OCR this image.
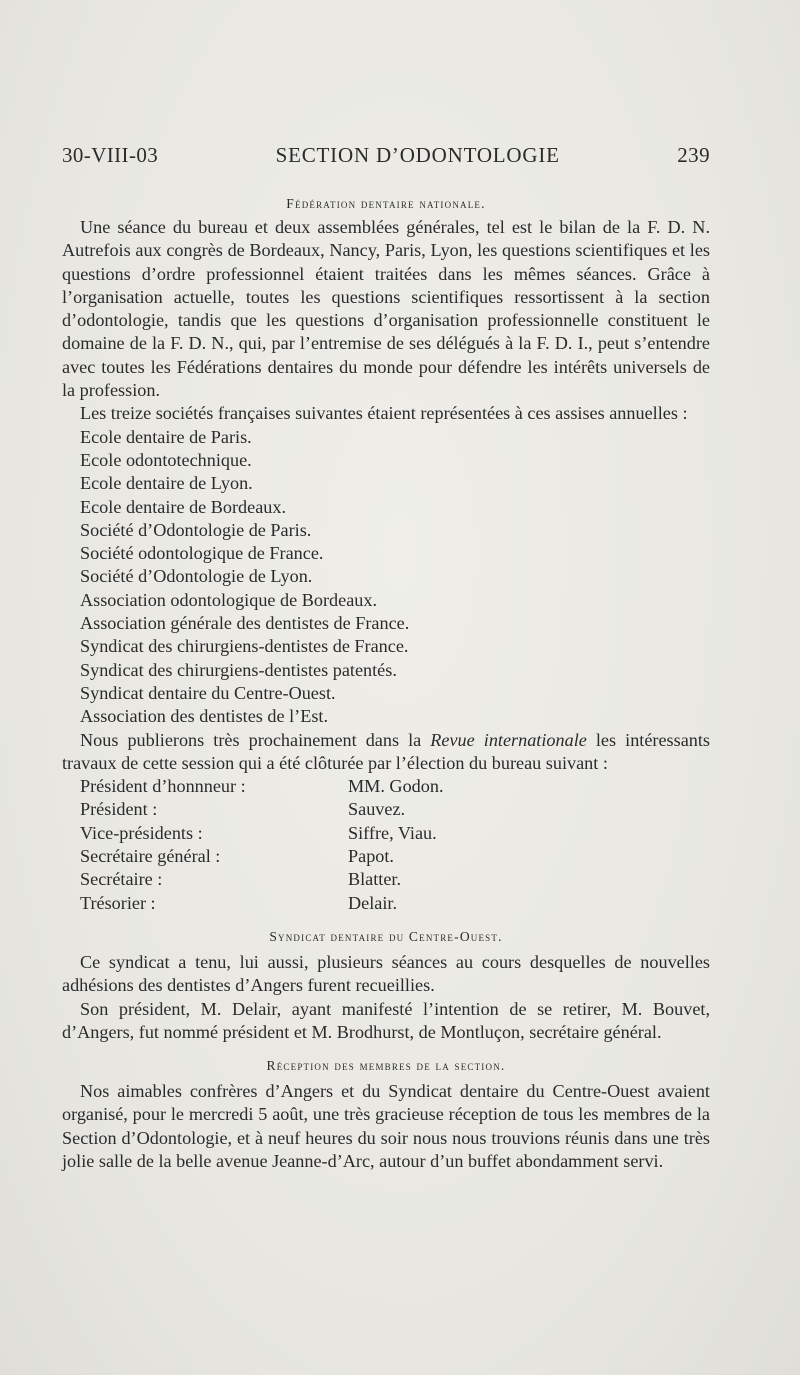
30-VIII-03	SECTION D’ODONTOLOGIE	239
Fédération dentaire nationale.

Une séance du bureau et deux assemblées générales, tel est le bilan de la F. D. N. Autrefois aux congrès de Bordeaux, Nancy, Paris, Lyon, les questions scientifiques et les questions d’ordre professionnel étaient traitées dans les mêmes séances. Grâce à l’organisation actuelle, toutes les questions scientifiques ressortissent à la section d’odontologie, tandis que les questions d’organisation professionnelle constituent le domaine de la F. D. N., qui, par l’entremise de ses délégués à la F. D. I., peut s’entendre avec toutes les Fédérations dentaires du monde pour défendre les intérêts universels de la profession.

Les treize sociétés françaises suivantes étaient représentées à ces assises annuelles :

Ecole dentaire de Paris.
Ecole odontotechnique.
Ecole dentaire de Lyon.
Ecole dentaire de Bordeaux.
Société d’Odontologie de Paris.
Société odontologique de France.
Société d’Odontologie de Lyon.
Association odontologique de Bordeaux.
Association générale des dentistes de France.
Syndicat des chirurgiens-dentistes de France.
Syndicat des chirurgiens-dentistes patentés.
Syndicat dentaire du Centre-Ouest.
Association des dentistes de l’Est.

Nous publierons très prochainement dans la Revue internationale les intéressants travaux de cette session qui a été clôturée par l’élection du bureau suivant :

Président d’honnneur :	MM. Godon.
Président :	Sauvez.
Vice-présidents :	Siffre, Viau.
Secrétaire général :	Papot.
Secrétaire :	Blatter.
Trésorier :	Delair.
Syndicat dentaire du Centre-Ouest.

Ce syndicat a tenu, lui aussi, plusieurs séances au cours desquelles de nouvelles adhésions des dentistes d’Angers furent recueillies.

Son président, M. Delair, ayant manifesté l’intention de se retirer, M. Bouvet, d’Angers, fut nommé président et M. Brodhurst, de Montluçon, secrétaire général.

Réception des membres de la section.

Nos aimables confrères d’Angers et du Syndicat dentaire du Centre-Ouest avaient organisé, pour le mercredi 5 août, une très gracieuse réception de tous les membres de la Section d’Odontologie, et à neuf heures du soir nous nous trouvions réunis dans une très jolie salle de la belle avenue Jeanne-d’Arc, autour d’un buffet abondamment servi.
